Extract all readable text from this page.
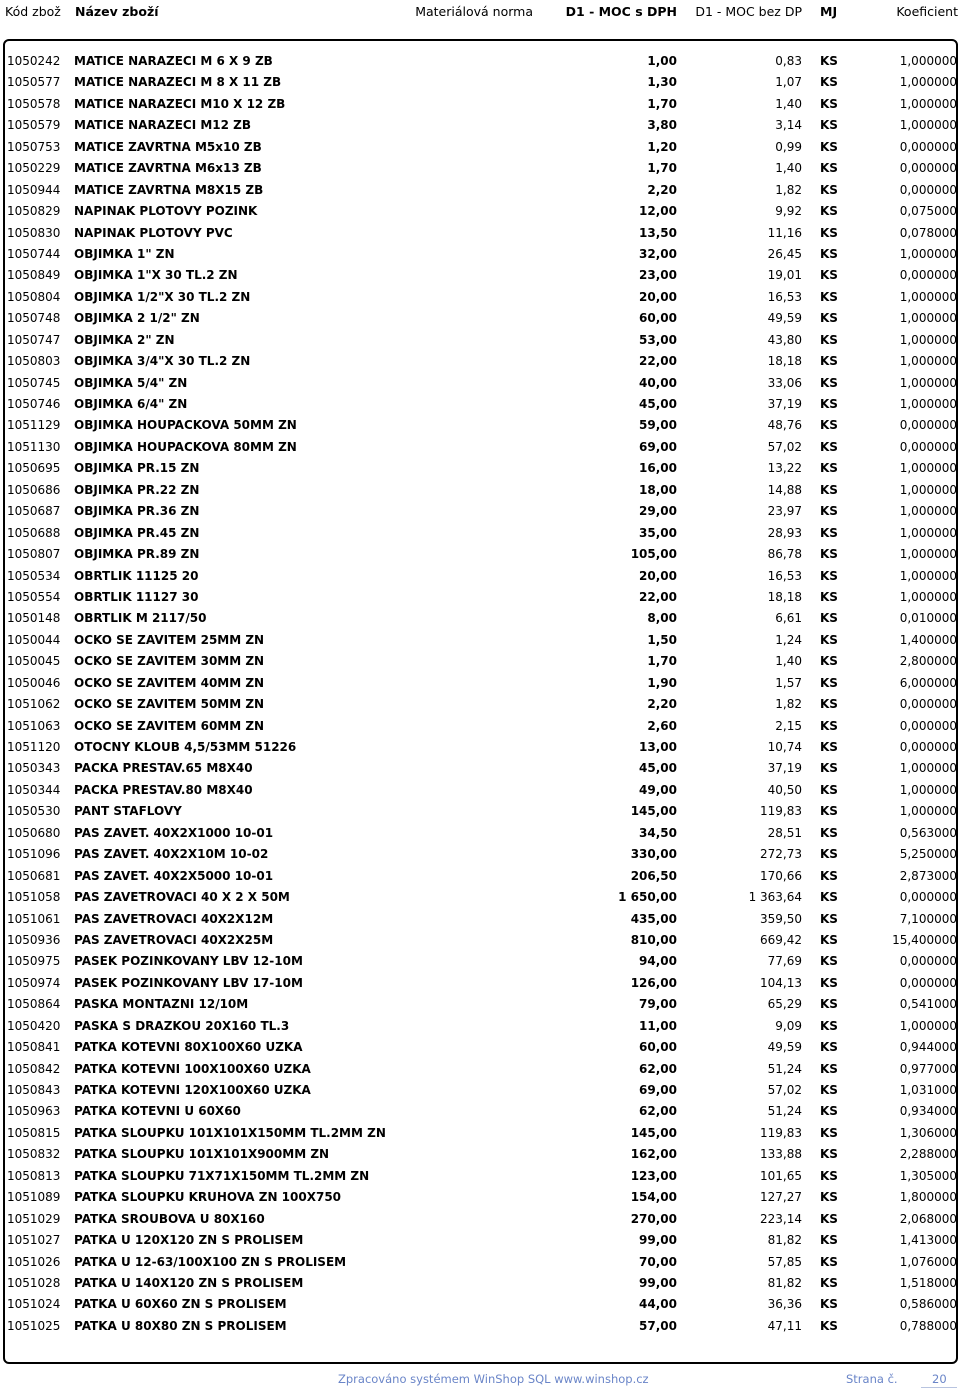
Kód zbož Název zboží	Materiálová norma	D1 - MOC s DPH D1 - MOC bez DP MJ	Koeficient
1050242 MATICE NARAZECI M 6 X 9 ZB	1,00	0,83 KS	1,000000
1050577 MATICE NARAZECI M 8 X 11 ZB	1,30	1,07 KS	1,000000
1050578 MATICE NARAZECI M10 X 12 ZB	1,70	1,40 KS	1,000000
1050579 MATICE NARAZECI M12 ZB	3,80	3,14 KS	1,000000
1050753 MATICE ZAVRTNA M5x10 ZB	1,20	0,99 KS	0,000000
1050229 MATICE ZAVRTNA M6x13 ZB	1,70	1,40 KS	0,000000
1050944 MATICE ZAVRTNA M8X15 ZB	2,20	1,82 KS	0,000000
1050829 NAPINAK PLOTOVY POZINK	12,00	9,92 KS	0,075000
1050830 NAPINAK PLOTOVY PVC	13,50	11,16 KS	0,078000
1050744 OBJIMKA 1" ZN	32,00	26,45 KS	1,000000
1050849 OBJIMKA 1"X 30 TL.2 ZN	23,00	19,01 KS	0,000000
1050804 OBJIMKA 1/2"X 30 TL.2 ZN	20,00	16,53 KS	1,000000
1050748 OBJIMKA 2 1/2" ZN	60,00	49,59 KS	1,000000
1050747 OBJIMKA 2" ZN	53,00	43,80 KS	1,000000
1050803 OBJIMKA 3/4"X 30 TL.2 ZN	22,00	18,18 KS	1,000000
1050745 OBJIMKA 5/4" ZN	40,00	33,06 KS	1,000000
1050746 OBJIMKA 6/4" ZN	45,00	37,19 KS	1,000000
1051129 OBJIMKA HOUPACKOVA 50MM ZN	59,00	48,76 KS	0,000000
1051130 OBJIMKA HOUPACKOVA 80MM ZN	69,00	57,02 KS	0,000000
1050695 OBJIMKA PR.15 ZN	16,00	13,22 KS	1,000000
1050686 OBJIMKA PR.22 ZN	18,00	14,88 KS	1,000000
1050687 OBJIMKA PR.36 ZN	29,00	23,97 KS	1,000000
1050688 OBJIMKA PR.45 ZN	35,00	28,93 KS	1,000000
1050807 OBJIMKA PR.89 ZN	105,00	86,78 KS	1,000000
1050534 OBRTLIK 11125 20	20,00	16,53 KS	1,000000
1050554 OBRTLIK 11127 30	22,00	18,18 KS	1,000000
1050148 OBRTLIK M 2117/50	8,00	6,61 KS	0,010000
1050044 OCKO SE ZAVITEM 25MM ZN	1,50	1,24 KS	1,400000
1050045 OCKO SE ZAVITEM 30MM ZN	1,70	1,40 KS	2,800000
1050046 OCKO SE ZAVITEM 40MM ZN	1,90	1,57 KS	6,000000
1051062 OCKO SE ZAVITEM 50MM ZN	2,20	1,82 KS	0,000000
1051063 OCKO SE ZAVITEM 60MM ZN	2,60	2,15 KS	0,000000
1051120 OTOCNY KLOUB 4,5/53MM 51226	13,00	10,74 KS	0,000000
1050343 PACKA PRESTAV.65 M8X40	45,00	37,19 KS	1,000000
1050344 PACKA PRESTAV.80 M8X40	49,00	40,50 KS	1,000000
1050530 PANT STAFLOVY	145,00	119,83 KS	1,000000
1050680 PAS ZAVET. 40X2X1000 10-01	34,50	28,51 KS	0,563000
1051096 PAS ZAVET. 40X2X10M 10-02	330,00	272,73 KS	5,250000
1050681 PAS ZAVET. 40X2X5000 10-01	206,50	170,66 KS	2,873000
1051058 PAS ZAVETROVACI 40 X 2 X 50M	1 650,00	1 363,64 KS	0,000000
1051061 PAS ZAVETROVACI 40X2X12M	435,00	359,50 KS	7,100000
1050936 PAS ZAVETROVACI 40X2X25M	810,00	669,42 KS	15,400000
1050975 PASEK POZINKOVANY LBV 12-10M	94,00	77,69 KS	0,000000
1050974 PASEK POZINKOVANY LBV 17-10M	126,00	104,13 KS	0,000000
1050864 PASKA MONTAZNI 12/10M	79,00	65,29 KS	0,541000
1050420 PASKA S DRAZKOU 20X160 TL.3	11,00	9,09 KS	1,000000
1050841 PATKA KOTEVNI 80X100X60 UZKA	60,00	49,59 KS	0,944000
1050842 PATKA KOTEVNI 100X100X60 UZKA	62,00	51,24 KS	0,977000
1050843 PATKA KOTEVNI 120X100X60 UZKA	69,00	57,02 KS	1,031000
1050963 PATKA KOTEVNI U 60X60	62,00	51,24 KS	0,934000
1050815 PATKA SLOUPKU 101X101X150MM TL.2MM ZN	145,00	119,83 KS	1,306000
1050832 PATKA SLOUPKU 101X101X900MM ZN	162,00	133,88 KS	2,288000
1050813 PATKA SLOUPKU 71X71X150MM TL.2MM ZN	123,00	101,65 KS	1,305000
1051089 PATKA SLOUPKU KRUHOVA ZN 100X750	154,00	127,27 KS	1,800000
1051029 PATKA SROUBOVA U 80X160	270,00	223,14 KS	2,068000
1051027 PATKA U 120X120 ZN S PROLISEM	99,00	81,82 KS	1,413000
1051026 PATKA U 12-63/100X100 ZN S PROLISEM	70,00	57,85 KS	1,076000
1051028 PATKA U 140X120 ZN S PROLISEM	99,00	81,82 KS	1,518000
1051024 PATKA U 60X60 ZN S PROLISEM	44,00	36,36 KS	0,586000
1051025 PATKA U 80X80 ZN S PROLISEM	57,00	47,11 KS	0,788000
Zpracováno systémem WinShop SQL www.winshop.cz	Strana č.	20
